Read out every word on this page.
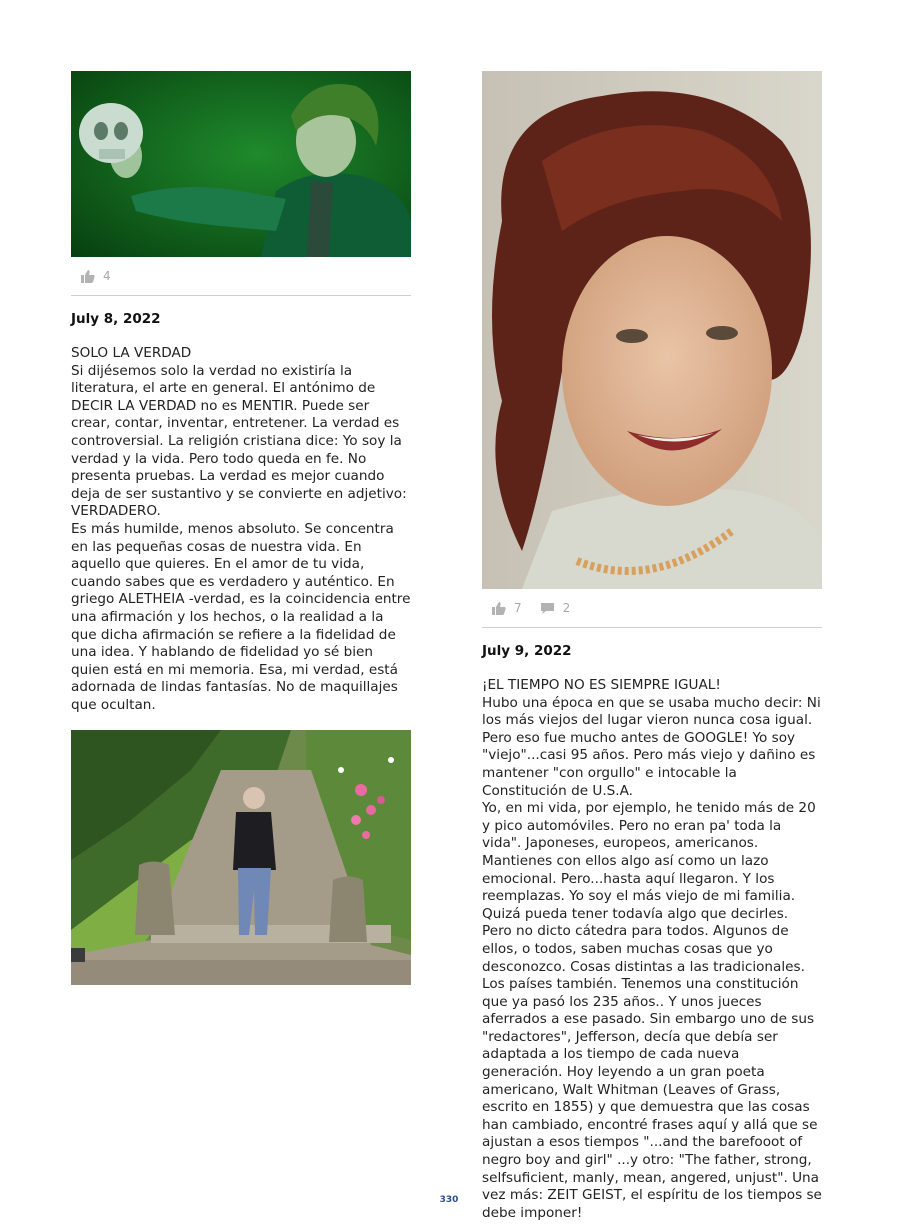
4
July 8, 2022
SOLO LA VERDAD
Si dijésemos solo la verdad no existiría la literatura, el arte en general. El antónimo de DECIR LA VERDAD no es MENTIR. Puede ser crear, contar, inventar, entretener. La verdad es controversial. La religión cristiana dice: Yo soy la verdad y la vida. Pero todo queda en fe. No presenta pruebas. La verdad es mejor cuando deja de ser sustantivo y se convierte en adjetivo: VERDADERO.
Es más humilde, menos absoluto. Se concentra en las pequeñas cosas de nuestra vida. En aquello que quieres. En el amor de tu vida, cuando sabes que es verdadero y auténtico. En griego ALETHEIA -verdad, es la coincidencia entre una afirmación y los hechos, o la realidad a la que dicha afirmación se refiere a la fidelidad de una idea. Y hablando de fidelidad yo sé bien quien está en mi memoria. Esa, mi verdad, está adornada de lindas fantasías. No de maquillajes que ocultan.
7	2
July 9, 2022
¡EL TIEMPO NO ES SIEMPRE IGUAL!
Hubo una época en que se usaba mucho decir: Ni los más viejos del lugar vieron nunca cosa igual. Pero eso fue mucho antes de GOOGLE! Yo soy "viejo"...casi 95 años. Pero más viejo y dañino es mantener "con orgullo" e intocable la Constitución de U.S.A.
Yo, en mi vida, por ejemplo, he tenido más de 20 y pico automóviles. Pero no eran pa' toda la vida". Japoneses, europeos, americanos. Mantienes con ellos algo así como un lazo emocional. Pero...hasta aquí llegaron. Y los reemplazas. Yo soy el más viejo de mi familia. Quizá pueda tener todavía algo que decirles. Pero no dicto cátedra para todos. Algunos de ellos, o todos, saben muchas cosas que yo desconozco. Cosas distintas a las tradicionales. Los países también. Tenemos una constitución que ya pasó los 235 años.. Y unos jueces aferrados a ese pasado. Sin embargo uno de sus "redactores", Jefferson, decía que debía ser adaptada a los tiempo de cada nueva generación. Hoy leyendo a un gran poeta americano, Walt Whitman (Leaves of Grass, escrito en 1855) y que demuestra que las cosas han cambiado, encontré frases aquí y allá que se ajustan a esos tiempos "...and the barefooot of negro boy and girl" ...y otro: "The father, strong, selfsuficient, manly, mean, angered, unjust". Una vez más: ZEIT GEIST, el espíritu de los tiempos se debe imponer!
330
